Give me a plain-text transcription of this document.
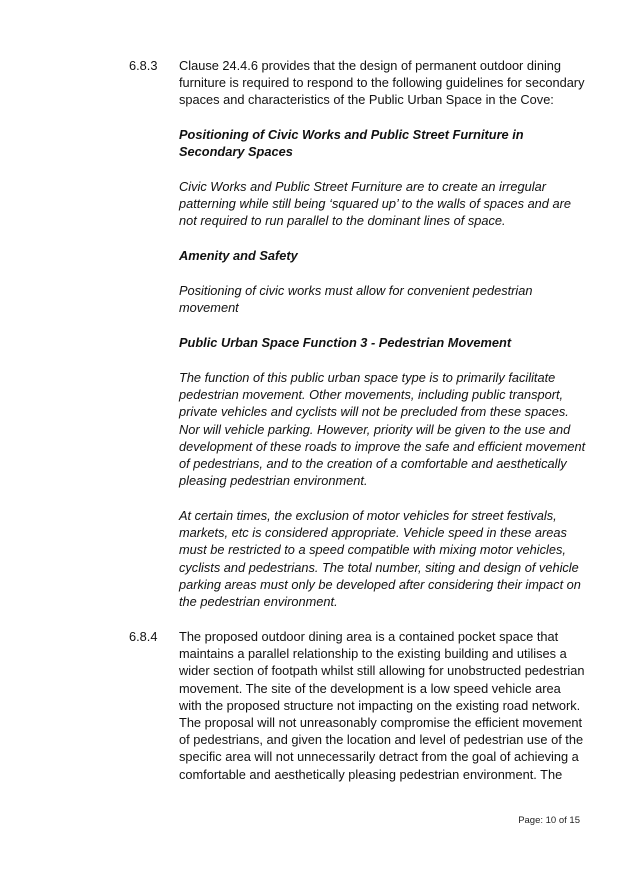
6.8.3 Clause 24.4.6 provides that the design of permanent outdoor dining furniture is required to respond to the following guidelines for secondary spaces and characteristics of the Public Urban Space in the Cove:

Positioning of Civic Works and Public Street Furniture in Secondary Spaces

Civic Works and Public Street Furniture are to create an irregular patterning while still being ‘squared up’ to the walls of spaces and are not required to run parallel to the dominant lines of space.

Amenity and Safety

Positioning of civic works must allow for convenient pedestrian movement

Public Urban Space Function 3 - Pedestrian Movement

The function of this public urban space type is to primarily facilitate pedestrian movement. Other movements, including public transport, private vehicles and cyclists will not be precluded from these spaces. Nor will vehicle parking. However, priority will be given to the use and development of these roads to improve the safe and efficient movement of pedestrians, and to the creation of a comfortable and aesthetically pleasing pedestrian environment.

At certain times, the exclusion of motor vehicles for street festivals, markets, etc is considered appropriate. Vehicle speed in these areas must be restricted to a speed compatible with mixing motor vehicles, cyclists and pedestrians. The total number, siting and design of vehicle parking areas must only be developed after considering their impact on the pedestrian environment.

6.8.4 The proposed outdoor dining area is a contained pocket space that maintains a parallel relationship to the existing building and utilises a wider section of footpath whilst still allowing for unobstructed pedestrian movement. The site of the development is a low speed vehicle area with the proposed structure not impacting on the existing road network. The proposal will not unreasonably compromise the efficient movement of pedestrians, and given the location and level of pedestrian use of the specific area will not unnecessarily detract from the goal of achieving a comfortable and aesthetically pleasing pedestrian environment. The

Page: 10 of 15
